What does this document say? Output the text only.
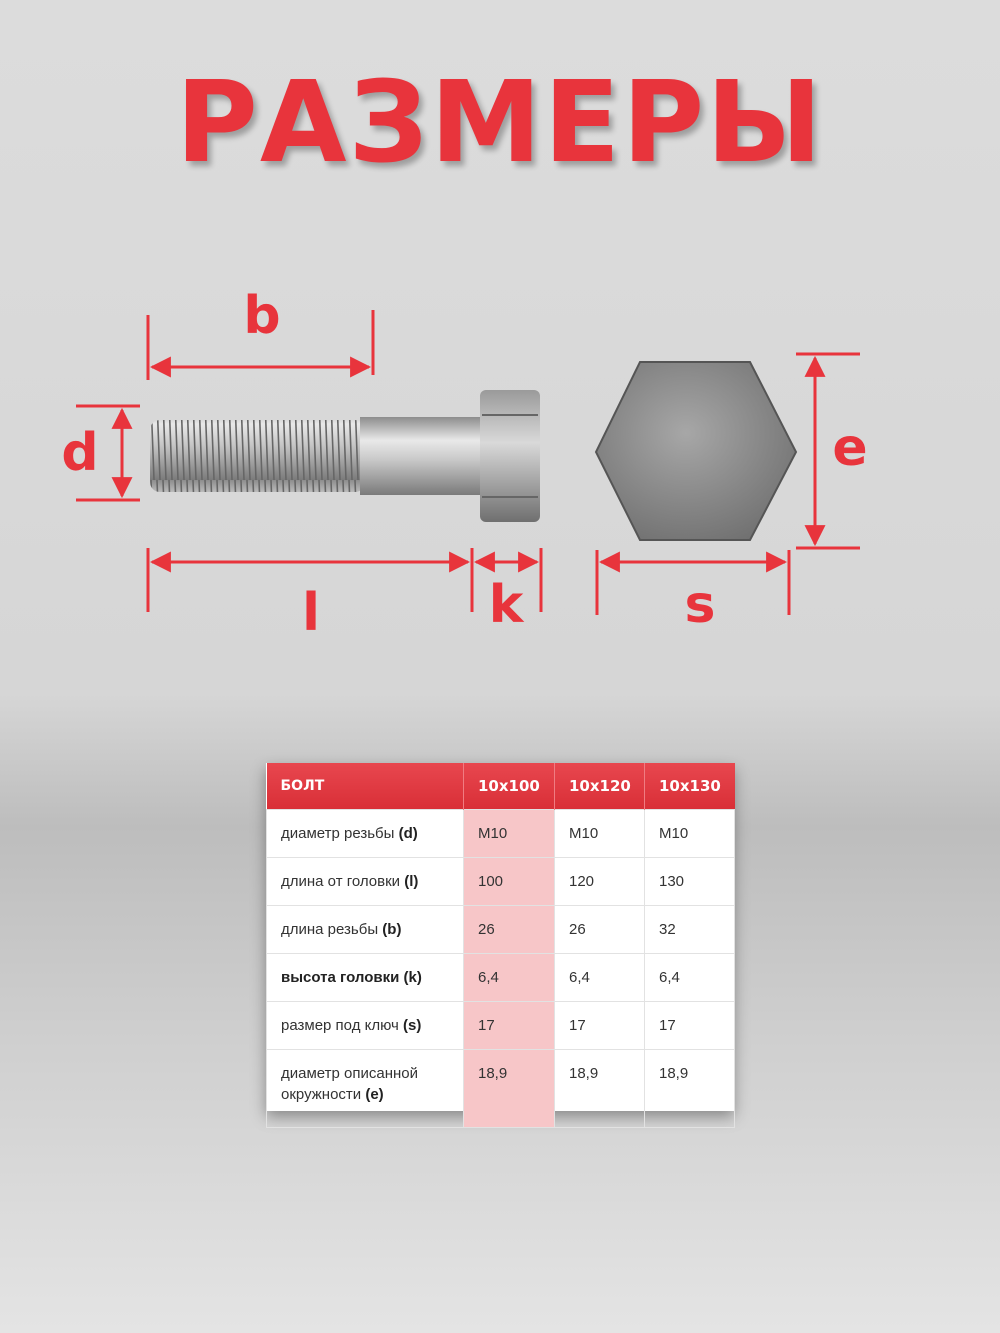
РАЗМЕРЫ
b
d
l	k	s
e
БОЛТ	10х100	10х120	10х130
диаметр резьбы (d)	М10	М10	М10
длина от головки (l)	100	120	130
длина резьбы (b)	26	26	32
высота головки (k)	6,4	6,4	6,4
размер под ключ (s)	17	17	17
диаметр описанной окружности (e)	18,9	18,9	18,9
